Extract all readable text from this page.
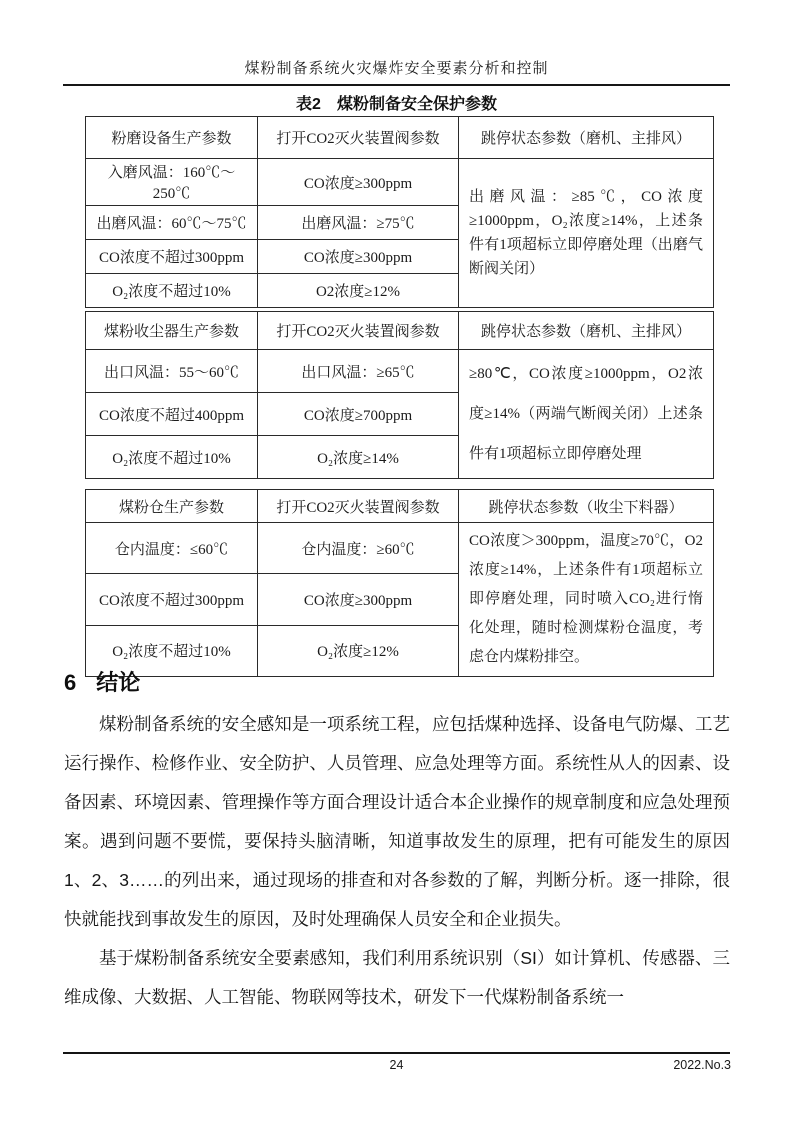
煤粉制备系统火灾爆炸安全要素分析和控制
表2　煤粉制备安全保护参数
粉磨设备生产参数	打开CO2灭火装置阀参数	跳停状态参数（磨机、主排风）
入磨风温：160℃～250℃	CO浓度≥300ppm	出磨风温：≥85℃，CO浓度≥1000ppm，O₂浓度≥14%，上述条件有1项超标立即停磨处理（出磨气断阀关闭）
出磨风温：60℃～75℃	出磨风温：≥75℃	
CO浓度不超过300ppm	CO浓度≥300ppm	
O₂浓度不超过10%	O2浓度≥12%	
煤粉收尘器生产参数	打开CO2灭火装置阀参数	跳停状态参数（磨机、主排风）
出口风温：55～60℃	出口风温：≥65℃	≥80℃，CO浓度≥1000ppm，O2浓度≥14%（两端气断阀关闭）上述条件有1项超标立即停磨处理
CO浓度不超过400ppm	CO浓度≥700ppm	
O₂浓度不超过10%	O₂浓度≥14%	
煤粉仓生产参数	打开CO2灭火装置阀参数	跳停状态参数（收尘下料器）
仓内温度：≤60℃	仓内温度：≥60℃	CO浓度＞300ppm，温度≥70℃，O2浓度≥14%，上述条件有1项超标立即停磨处理，同时喷入CO₂进行惰化处理，随时检测煤粉仓温度，考虑仓内煤粉排空。
CO浓度不超过300ppm	CO浓度≥300ppm	
O₂浓度不超过10%	O₂浓度≥12%	
6 结论

煤粉制备系统的安全感知是一项系统工程，应包括煤种选择、设备电气防爆、工艺运行操作、检修作业、安全防护、人员管理、应急处理等方面。系统性从人的因素、设备因素、环境因素、管理操作等方面合理设计适合本企业操作的规章制度和应急处理预案。遇到问题不要慌，要保持头脑清晰，知道事故发生的原理，把有可能发生的原因1、2、3……的列出来，通过现场的排查和对各参数的了解，判断分析。逐一排除，很快就能找到事故发生的原因，及时处理确保人员安全和企业损失。

基于煤粉制备系统安全要素感知，我们利用系统识别（SI）如计算机、传感器、三维成像、大数据、人工智能、物联网等技术，研发下一代煤粉制备系统一

24	2022.No.3
